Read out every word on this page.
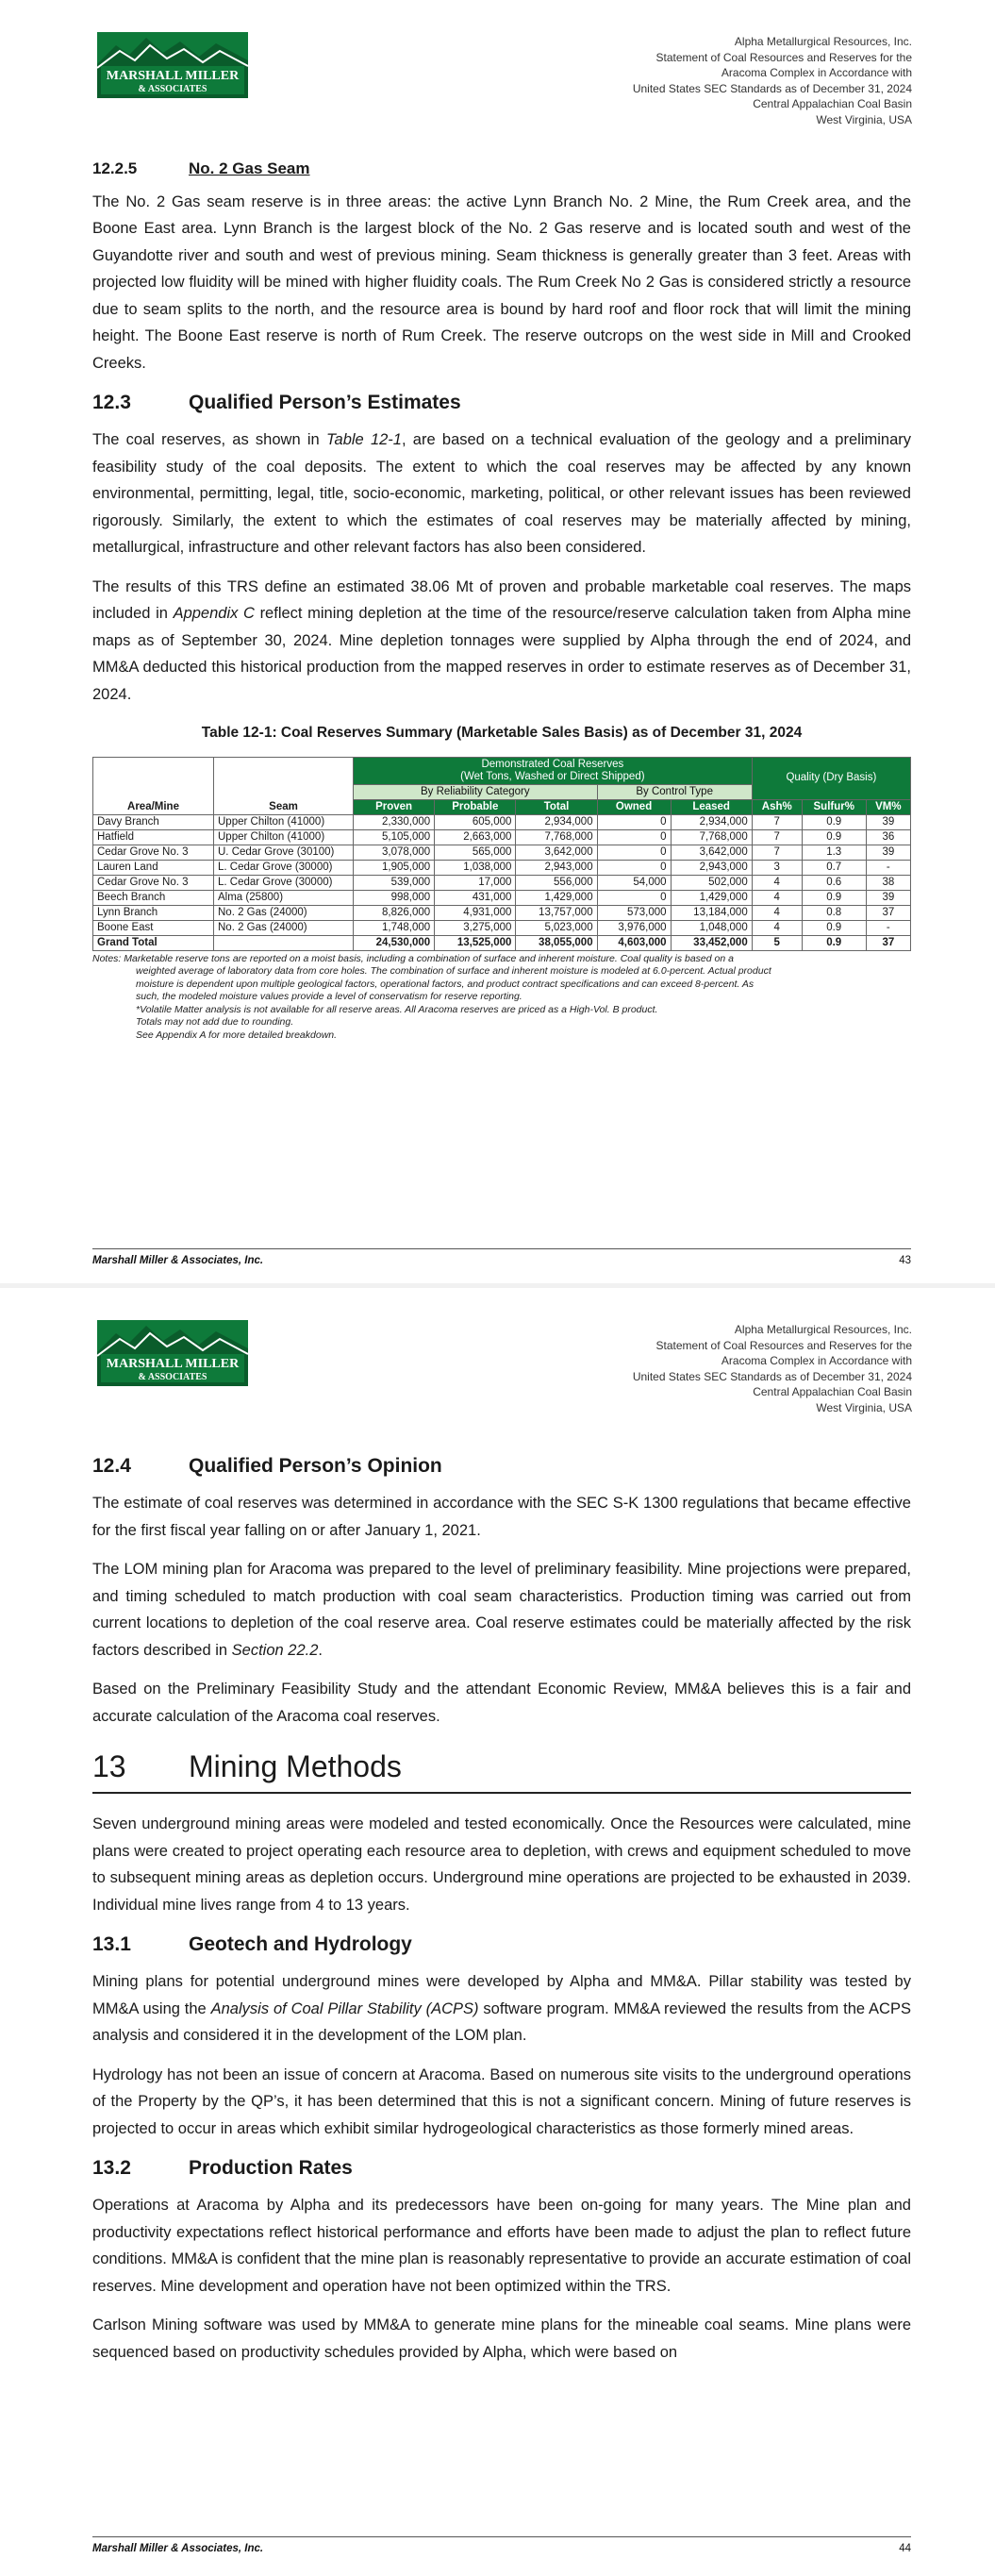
MARSHALL MILLER
& ASSOCIATES
Alpha Metallurgical Resources, Inc.
Statement of Coal Resources and Reserves for the
Aracoma Complex in Accordance with
United States SEC Standards as of December 31, 2024
Central Appalachian Coal Basin
West Virginia, USA
12.2.5	No. 2 Gas Seam

The No. 2 Gas seam reserve is in three areas: the active Lynn Branch No. 2 Mine, the Rum Creek area, and the Boone East area. Lynn Branch is the largest block of the No. 2 Gas reserve and is located south and west of the Guyandotte river and south and west of previous mining. Seam thickness is generally greater than 3 feet. Areas with projected low fluidity will be mined with higher fluidity coals. The Rum Creek No 2 Gas is considered strictly a resource due to seam splits to the north, and the resource area is bound by hard roof and floor rock that will limit the mining height. The Boone East reserve is north of Rum Creek. The reserve outcrops on the west side in Mill and Crooked Creeks.

12.3	Qualified Person’s Estimates

The coal reserves, as shown in Table 12-1, are based on a technical evaluation of the geology and a preliminary feasibility study of the coal deposits. The extent to which the coal reserves may be affected by any known environmental, permitting, legal, title, socio-economic, marketing, political, or other relevant issues has been reviewed rigorously. Similarly, the extent to which the estimates of coal reserves may be materially affected by mining, metallurgical, infrastructure and other relevant factors has also been considered.

The results of this TRS define an estimated 38.06 Mt of proven and probable marketable coal reserves. The maps included in Appendix C reflect mining depletion at the time of the resource/reserve calculation taken from Alpha mine maps as of September 30, 2024. Mine depletion tonnages were supplied by Alpha through the end of 2024, and MM&A deducted this historical production from the mapped reserves in order to estimate reserves as of December 31, 2024.

Table 12-1: Coal Reserves Summary (Marketable Sales Basis) as of December 31, 2024
Area/Mine	Seam	Demonstrated Coal Reserves
(Wet Tons, Washed or Direct Shipped)					Quality (Dry Basis)		
		By Reliability Category			By Control Type				
		Proven	Probable	Total	Owned	Leased	Ash%	Sulfur%	VM%
Davy Branch	Upper Chilton (41000)	2,330,000	605,000	2,934,000	0	2,934,000	7	0.9	39
Hatfield	Upper Chilton (41000)	5,105,000	2,663,000	7,768,000	0	7,768,000	7	0.9	36
Cedar Grove No. 3	U. Cedar Grove (30100)	3,078,000	565,000	3,642,000	0	3,642,000	7	1.3	39
Lauren Land	L. Cedar Grove (30000)	1,905,000	1,038,000	2,943,000	0	2,943,000	3	0.7	-
Cedar Grove No. 3	L. Cedar Grove (30000)	539,000	17,000	556,000	54,000	502,000	4	0.6	38
Beech Branch	Alma (25800)	998,000	431,000	1,429,000	0	1,429,000	4	0.9	39
Lynn Branch	No. 2 Gas (24000)	8,826,000	4,931,000	13,757,000	573,000	13,184,000	4	0.8	37
Boone East	No. 2 Gas (24000)	1,748,000	3,275,000	5,023,000	3,976,000	1,048,000	4	0.9	-
Grand Total		24,530,000	13,525,000	38,055,000	4,603,000	33,452,000	5	0.9	37
Notes: Marketable reserve tons are reported on a moist basis, including a combination of surface and inherent moisture. Coal quality is based on a
weighted average of laboratory data from core holes. The combination of surface and inherent moisture is modeled at 6.0-percent. Actual product
moisture is dependent upon multiple geological factors, operational factors, and product contract specifications and can exceed 8-percent. As
such, the modeled moisture values provide a level of conservatism for reserve reporting.
*Volatile Matter analysis is not available for all reserve areas. All Aracoma reserves are priced as a High-Vol. B product.
Totals may not add due to rounding.
See Appendix A for more detailed breakdown.
Marshall Miller & Associates, Inc.	43
MARSHALL MILLER
& ASSOCIATES
Alpha Metallurgical Resources, Inc.
Statement of Coal Resources and Reserves for the
Aracoma Complex in Accordance with
United States SEC Standards as of December 31, 2024
Central Appalachian Coal Basin
West Virginia, USA
12.4	Qualified Person’s Opinion

The estimate of coal reserves was determined in accordance with the SEC S-K 1300 regulations that became effective for the first fiscal year falling on or after January 1, 2021.

The LOM mining plan for Aracoma was prepared to the level of preliminary feasibility. Mine projections were prepared, and timing scheduled to match production with coal seam characteristics. Production timing was carried out from current locations to depletion of the coal reserve area. Coal reserve estimates could be materially affected by the risk factors described in Section 22.2.

Based on the Preliminary Feasibility Study and the attendant Economic Review, MM&A believes this is a fair and accurate calculation of the Aracoma coal reserves.

13	Mining Methods

Seven underground mining areas were modeled and tested economically. Once the Resources were calculated, mine plans were created to project operating each resource area to depletion, with crews and equipment scheduled to move to subsequent mining areas as depletion occurs. Underground mine operations are projected to be exhausted in 2039. Individual mine lives range from 4 to 13 years.

13.1	Geotech and Hydrology

Mining plans for potential underground mines were developed by Alpha and MM&A. Pillar stability was tested by MM&A using the Analysis of Coal Pillar Stability (ACPS) software program. MM&A reviewed the results from the ACPS analysis and considered it in the development of the LOM plan.

Hydrology has not been an issue of concern at Aracoma. Based on numerous site visits to the underground operations of the Property by the QP’s, it has been determined that this is not a significant concern. Mining of future reserves is projected to occur in areas which exhibit similar hydrogeological characteristics as those formerly mined areas.

13.2	Production Rates

Operations at Aracoma by Alpha and its predecessors have been on-going for many years. The Mine plan and productivity expectations reflect historical performance and efforts have been made to adjust the plan to reflect future conditions. MM&A is confident that the mine plan is reasonably representative to provide an accurate estimation of coal reserves. Mine development and operation have not been optimized within the TRS.

Carlson Mining software was used by MM&A to generate mine plans for the mineable coal seams. Mine plans were sequenced based on productivity schedules provided by Alpha, which were based on

Marshall Miller & Associates, Inc.	44
